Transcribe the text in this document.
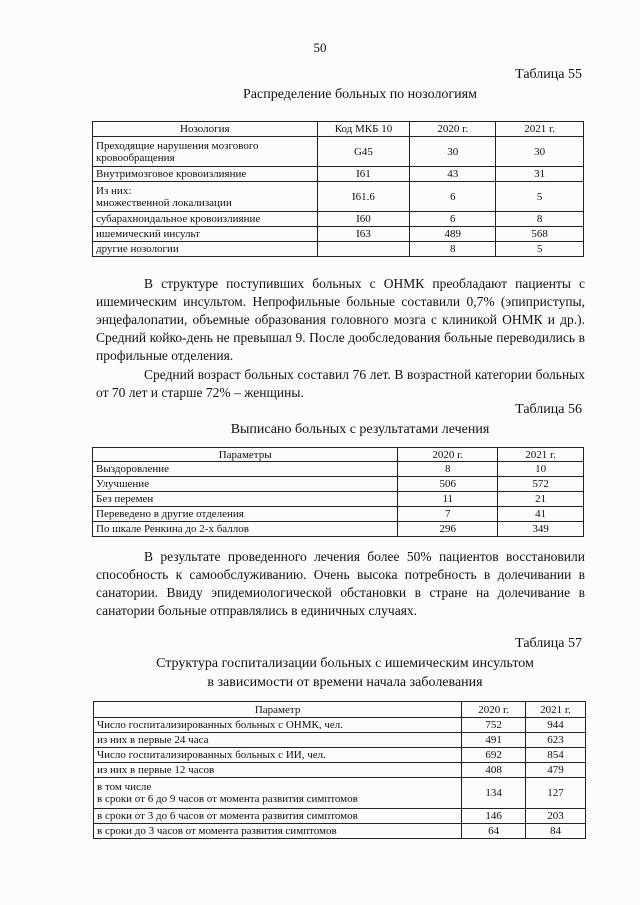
50
Таблица 55
Распределение больных по нозологиям
Нозология	Код МКБ 10	2020 г.	2021 г.
Преходящие нарушения мозгового кровообращения	G45	30	30
Внутримозговое кровоизлияние	I61	43	31

Из них:
множественной локализации	I61.6	6	5
субарахноидальное кровоизлияние	I60	6	8
ишемический инсульт	I63	489	568
другие нозологии		8	5
В структуре поступивших больных с ОНМК преобладают пациенты с ишемическим инсультом. Непрофильные больные составили 0,7% (эпиприступы, энцефалопатии, объемные образования головного мозга с клиникой ОНМК и др.). Средний койко-день не превышал 9. После дообследования больные переводились в профильные отделения.
Средний возраст больных составил 76 лет. В возрастной категории больных от 70 лет и старше 72% – женщины.
Таблица 56
Выписано больных с результатами лечения
Параметры	2020 г.	2021 г.
Выздоровление	8	10
Улучшение	506	572
Без перемен	11	21
Переведено в другие отделения	7	41
По шкале Ренкина до 2-х баллов	296	349
В результате проведенного лечения более 50% пациентов восстановили способность к самообслуживанию. Очень высока потребность в долечивании в санатории. Ввиду эпидемиологической обстановки в стране на долечивание в санатории больные отправлялись в единичных случаях.
Таблица 57
Структура госпитализации больных с ишемическим инсультом
в зависимости от времени начала заболевания
Параметр	2020 г.	2021 г.
Число госпитализированных больных с ОНМК, чел.	752	944
из них в первые 24 часа	491	623
Число госпитализированных больных с ИИ, чел.	692	854
из них в первые 12 часов	408	479

в том числе
в сроки от 6 до 9 часов от момента развития симптомов	134	127
в сроки от 3 до 6 часов от момента развития симптомов	146	203
в сроки до 3 часов от момента развития симптомов	64	84
